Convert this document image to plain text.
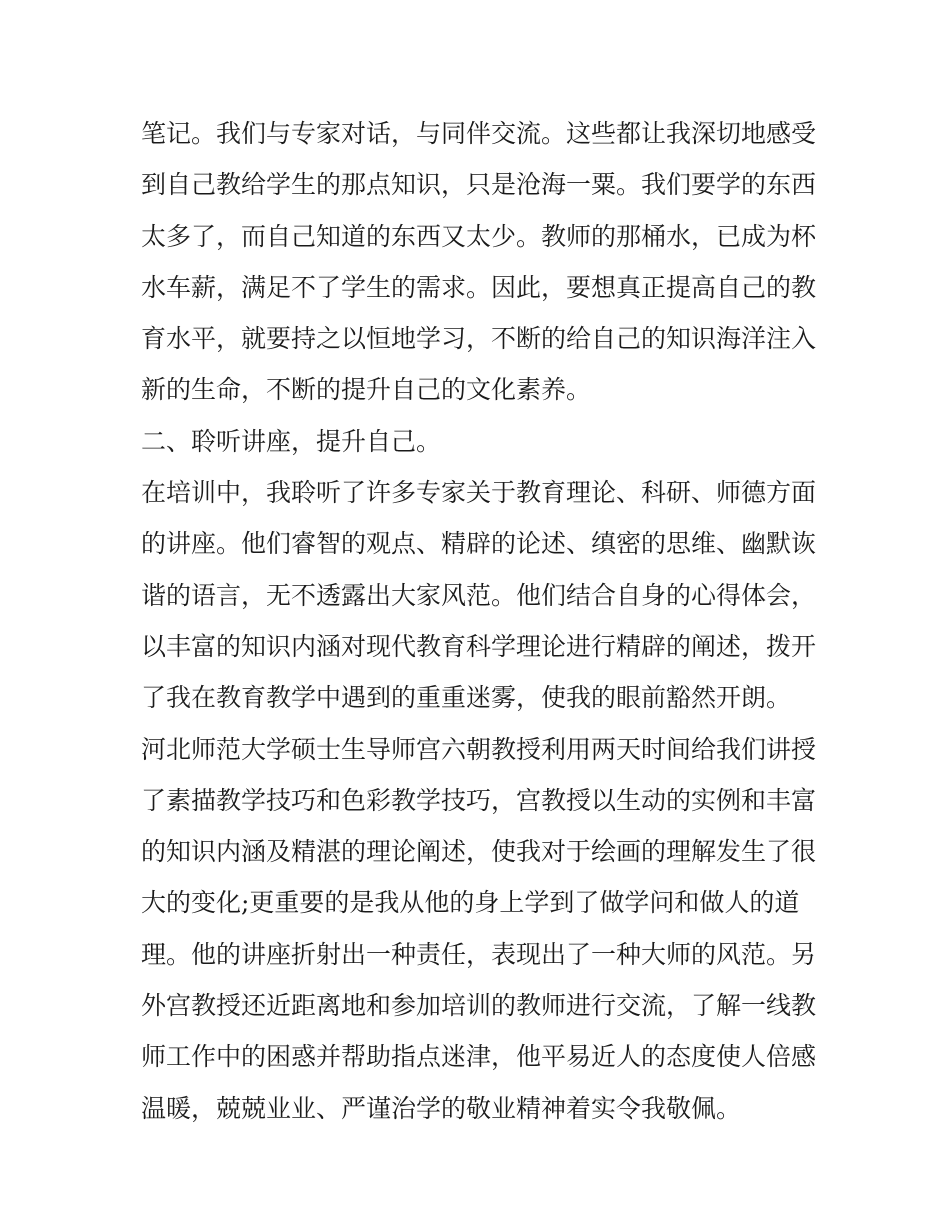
笔记。我们与专家对话，与同伴交流。这些都让我深切地感受

到自己教给学生的那点知识，只是沧海一粟。我们要学的东西

太多了，而自己知道的东西又太少。教师的那桶水，已成为杯

水车薪，满足不了学生的需求。因此，要想真正提高自己的教

育水平，就要持之以恒地学习，不断的给自己的知识海洋注入

新的生命，不断的提升自己的文化素养。

二、聆听讲座，提升自己。

在培训中，我聆听了许多专家关于教育理论、科研、师德方面

的讲座。他们睿智的观点、精辟的论述、缜密的思维、幽默诙

谐的语言，无不透露出大家风范。他们结合自身的心得体会，

以丰富的知识内涵对现代教育科学理论进行精辟的阐述，拨开

了我在教育教学中遇到的重重迷雾，使我的眼前豁然开朗。

河北师范大学硕士生导师宫六朝教授利用两天时间给我们讲授

了素描教学技巧和色彩教学技巧，宫教授以生动的实例和丰富

的知识内涵及精湛的理论阐述，使我对于绘画的理解发生了很

大的变化;更重要的是我从他的身上学到了做学问和做人的道

理。他的讲座折射出一种责任，表现出了一种大师的风范。另

外宫教授还近距离地和参加培训的教师进行交流，了解一线教

师工作中的困惑并帮助指点迷津，他平易近人的态度使人倍感

温暖，兢兢业业、严谨治学的敬业精神着实令我敬佩。
